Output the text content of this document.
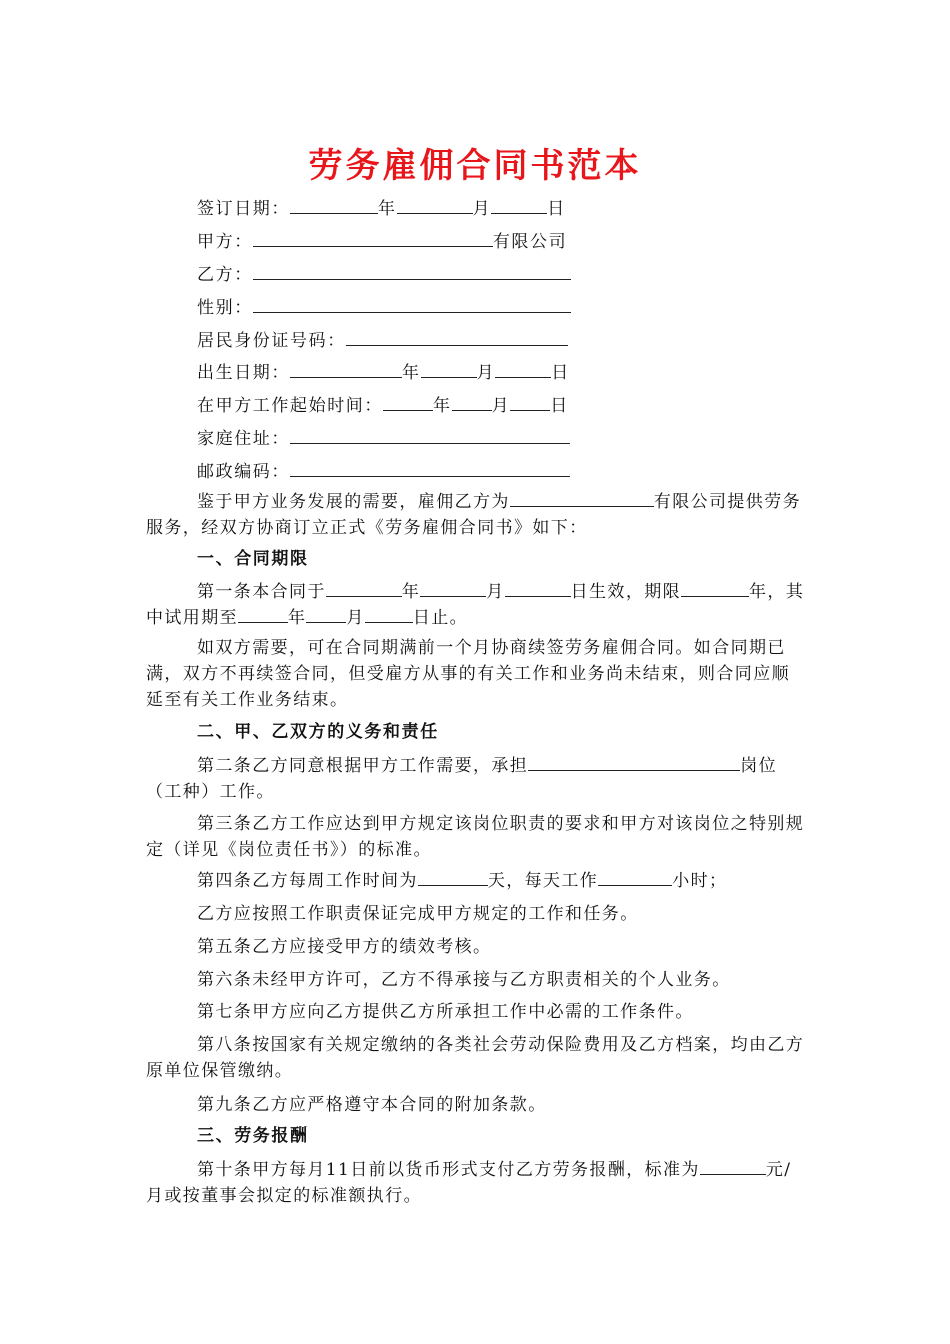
劳务雇佣合同书范本
签订日期：	年	月	日
甲方：	有限公司
乙方：
性别：
居民身份证号码：
出生日期：	年	月	日
在甲方工作起始时间：	年 月 日
家庭住址：
邮政编码：
鉴于甲方业务发展的需要，雇佣乙方为	有限公司提供劳务服务，经双方协商订立正式《劳务雇佣合同书》如下：
一、合同期限
第一条本合同于	年	月	日生效，期限	年，其中试用期至	年 月	日止。
如双方需要，可在合同期满前一个月协商续签劳务雇佣合同。如合同期已满，双方不再续签合同，但受雇方从事的有关工作和业务尚未结束，则合同应顺延至有关工作业务结束。
二、甲、乙双方的义务和责任
第二条乙方同意根据甲方工作需要，承担	岗位（工种）工作。
第三条乙方工作应达到甲方规定该岗位职责的要求和甲方对该岗位之特别规定（详见《岗位责任书》）的标准。
第四条乙方每周工作时间为	天，每天工作	小时；
乙方应按照工作职责保证完成甲方规定的工作和任务。
第五条乙方应接受甲方的绩效考核。
第六条未经甲方许可，乙方不得承接与乙方职责相关的个人业务。
第七条甲方应向乙方提供乙方所承担工作中必需的工作条件。
第八条按国家有关规定缴纳的各类社会劳动保险费用及乙方档案，均由乙方原单位保管缴纳。
第九条乙方应严格遵守本合同的附加条款。
三、劳务报酬
第十条甲方每月11日前以货币形式支付乙方劳务报酬，标准为	元/月或按董事会拟定的标准额执行。
